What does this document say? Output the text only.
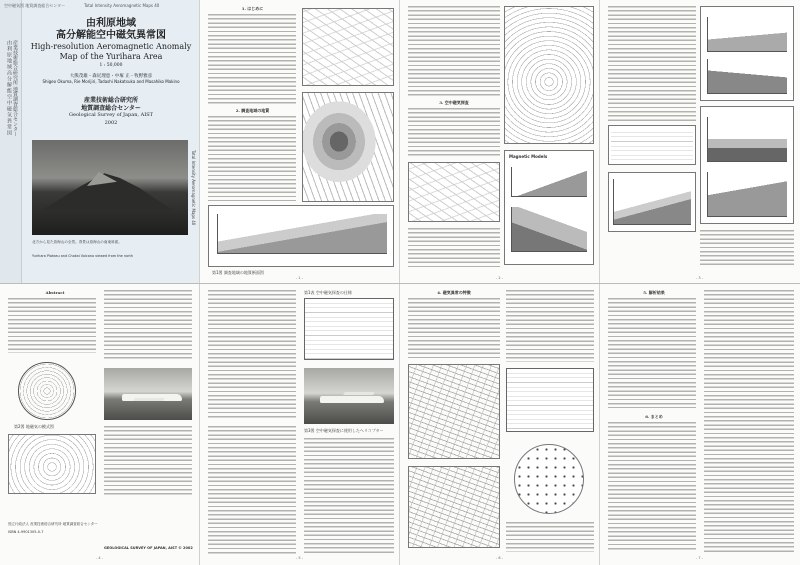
由利原地域高分解能空中磁気異常図 産業技術総合研究所 地質調査総合センター
空中磁気図 地質調査総合センター	Total Intensity Aeromagnetic Maps 40
由利原地域
高分解能空中磁気異常図
High-resolution Aeromagnetic Anomaly
Map of the Yurihara Area
1 : 50,000
大熊茂雄・森尻理恵・中塚 正・牧野雅彦
Shigeo Okuma, Rie Morijiri, Tadashi Nakatsuka and Masahiko Makino
産業技術総合研究所
地質調査総合センター
Geological Survey of Japan, AIST
2002
北方から見た鳥海山の全景。背景は鳥海山の南東斜面。
Yurihara Plateau and Chokai Volcano viewed from the north
Total Intensity Aeromagnetic Maps 40
1. はじめに
2. 調査地域の地質
第1図 調査地域の地質断面図
- 1 -
3. 空中磁気探査
Magnetic Models
- 2 -	- 3 -
Abstract
第2図 地磁気の模式図
独立行政法人 産業技術総合研究所 地質調査総合センター
ISBN 4-9901305-0-7
GEOLOGICAL SURVEY OF JAPAN, AIST © 2002
- 4 -
第1表 空中磁気探査の仕様
第3図 空中磁気探査に使用したヘリコプター
- 5 -
4. 磁気異常の特徴
- 6 -
5. 解析結果
6. まとめ
- 7 -
